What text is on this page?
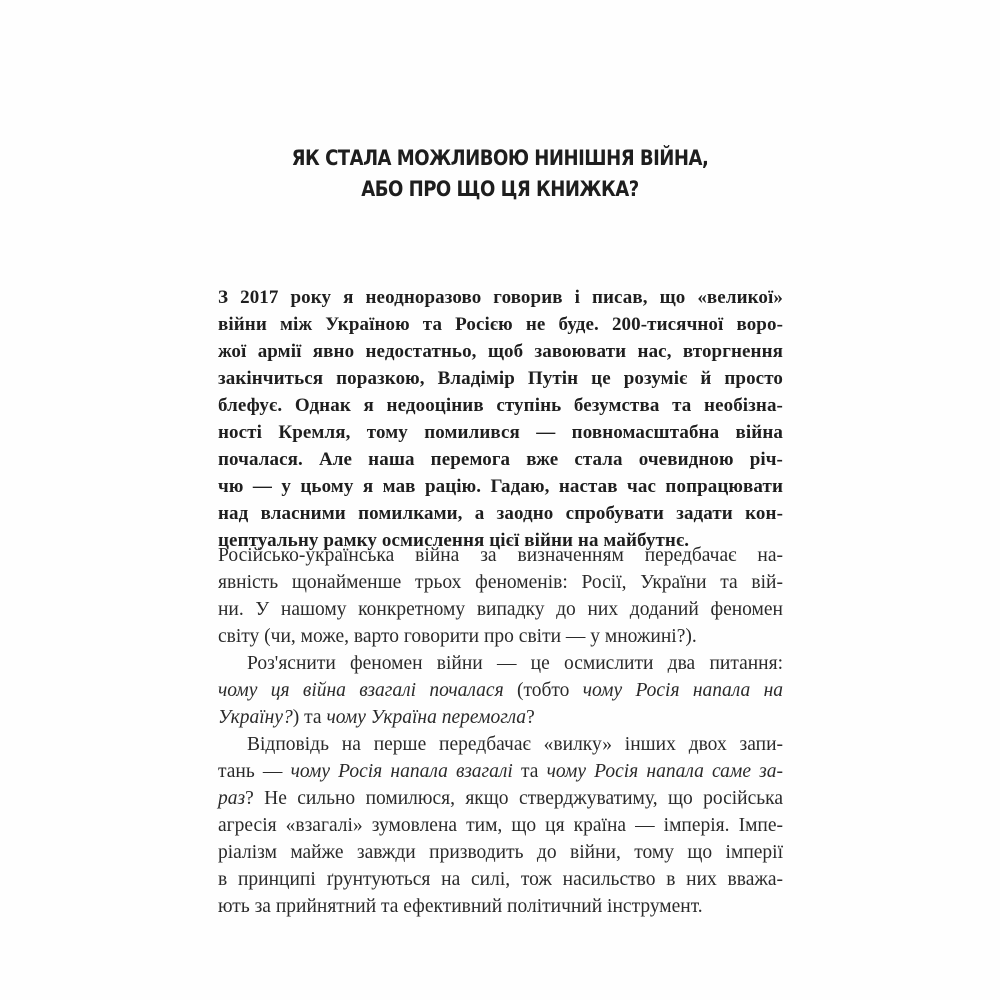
ЯК СТАЛА МОЖЛИВОЮ НИНІШНЯ ВІЙНА,
АБО ПРО ЩО ЦЯ КНИЖКА?
З 2017 року я неодноразово говорив і писав, що «великої»
війни між Україною та Росією не буде. 200-тисячної воро-
жої армії явно недостатньо, щоб завоювати нас, вторгнення
закінчиться поразкою, Владімір Путін це розуміє й просто
блефує. Однак я недооцінив ступінь безумства та необізна-
ності Кремля, тому помилився — повномасштабна війна
почалася. Але наша перемога вже стала очевидною річ-
чю — у цьому я мав рацію. Гадаю, настав час попрацювати
над власними помилками, а заодно спробувати задати кон-
цептуальну рамку осмислення цієї війни на майбутнє.
Російсько-українська війна за визначенням передбачає на-
явність щонайменше трьох феноменів: Росії, України та вій-
ни. У нашому конкретному випадку до них доданий феномен
світу (чи, може, варто говорити про світи — у множині?).
Роз'яснити феномен війни — це осмислити два питання:
чому ця війна взагалі почалася (тобто чому Росія напала на
Україну?) та чому Україна перемогла?
Відповідь на перше передбачає «вилку» інших двох запи-
тань — чому Росія напала взагалі та чому Росія напала саме за-
раз? Не сильно помилюся, якщо стверджуватиму, що російська
агресія «взагалі» зумовлена тим, що ця країна — імперія. Імпе-
ріалізм майже завжди призводить до війни, тому що імперії
в принципі ґрунтуються на силі, тож насильство в них вважа-
ють за прийнятний та ефективний політичний інструмент.
